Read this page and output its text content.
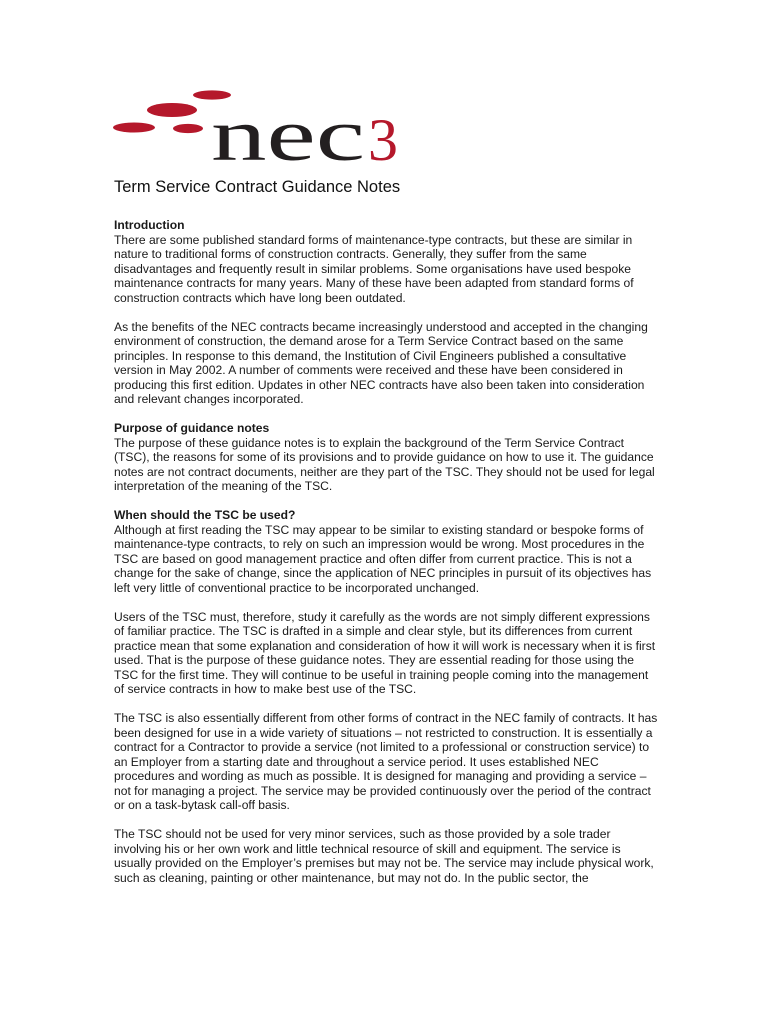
nec 3
Term Service Contract Guidance Notes
Introduction

There are some published standard forms of maintenance-type contracts, but these are similar in nature to traditional forms of construction contracts. Generally, they suffer from the same disadvantages and frequently result in similar problems. Some organisations have used bespoke maintenance contracts for many years. Many of these have been adapted from standard forms of construction contracts which have long been outdated.

As the benefits of the NEC contracts became increasingly understood and accepted in the changing environment of construction, the demand arose for a Term Service Contract based on the same principles. In response to this demand, the Institution of Civil Engineers published a consultative version in May 2002. A number of comments were received and these have been considered in producing this first edition. Updates in other NEC contracts have also been taken into consideration and relevant changes incorporated.

Purpose of guidance notes

The purpose of these guidance notes is to explain the background of the Term Service Contract (TSC), the reasons for some of its provisions and to provide guidance on how to use it. The guidance notes are not contract documents, neither are they part of the TSC. They should not be used for legal interpretation of the meaning of the TSC.

When should the TSC be used?

Although at first reading the TSC may appear to be similar to existing standard or bespoke forms of maintenance-type contracts, to rely on such an impression would be wrong. Most procedures in the TSC are based on good management practice and often differ from current practice. This is not a change for the sake of change, since the application of NEC principles in pursuit of its objectives has left very little of conventional practice to be incorporated unchanged.

Users of the TSC must, therefore, study it carefully as the words are not simply different expressions of familiar practice. The TSC is drafted in a simple and clear style, but its differences from current practice mean that some explanation and consideration of how it will work is necessary when it is first used. That is the purpose of these guidance notes. They are essential reading for those using the TSC for the first time. They will continue to be useful in training people coming into the management of service contracts in how to make best use of the TSC.

The TSC is also essentially different from other forms of contract in the NEC family of contracts. It has been designed for use in a wide variety of situations – not restricted to construction. It is essentially a contract for a Contractor to provide a service (not limited to a professional or construction service) to an Employer from a starting date and throughout a service period. It uses established NEC procedures and wording as much as possible. It is designed for managing and providing a service – not for managing a project. The service may be provided continuously over the period of the contract or on a task-bytask call-off basis.

The TSC should not be used for very minor services, such as those provided by a sole trader involving his or her own work and little technical resource of skill and equipment. The service is usually provided on the Employer’s premises but may not be. The service may include physical work, such as cleaning, painting or other maintenance, but may not do. In the public sector, the
